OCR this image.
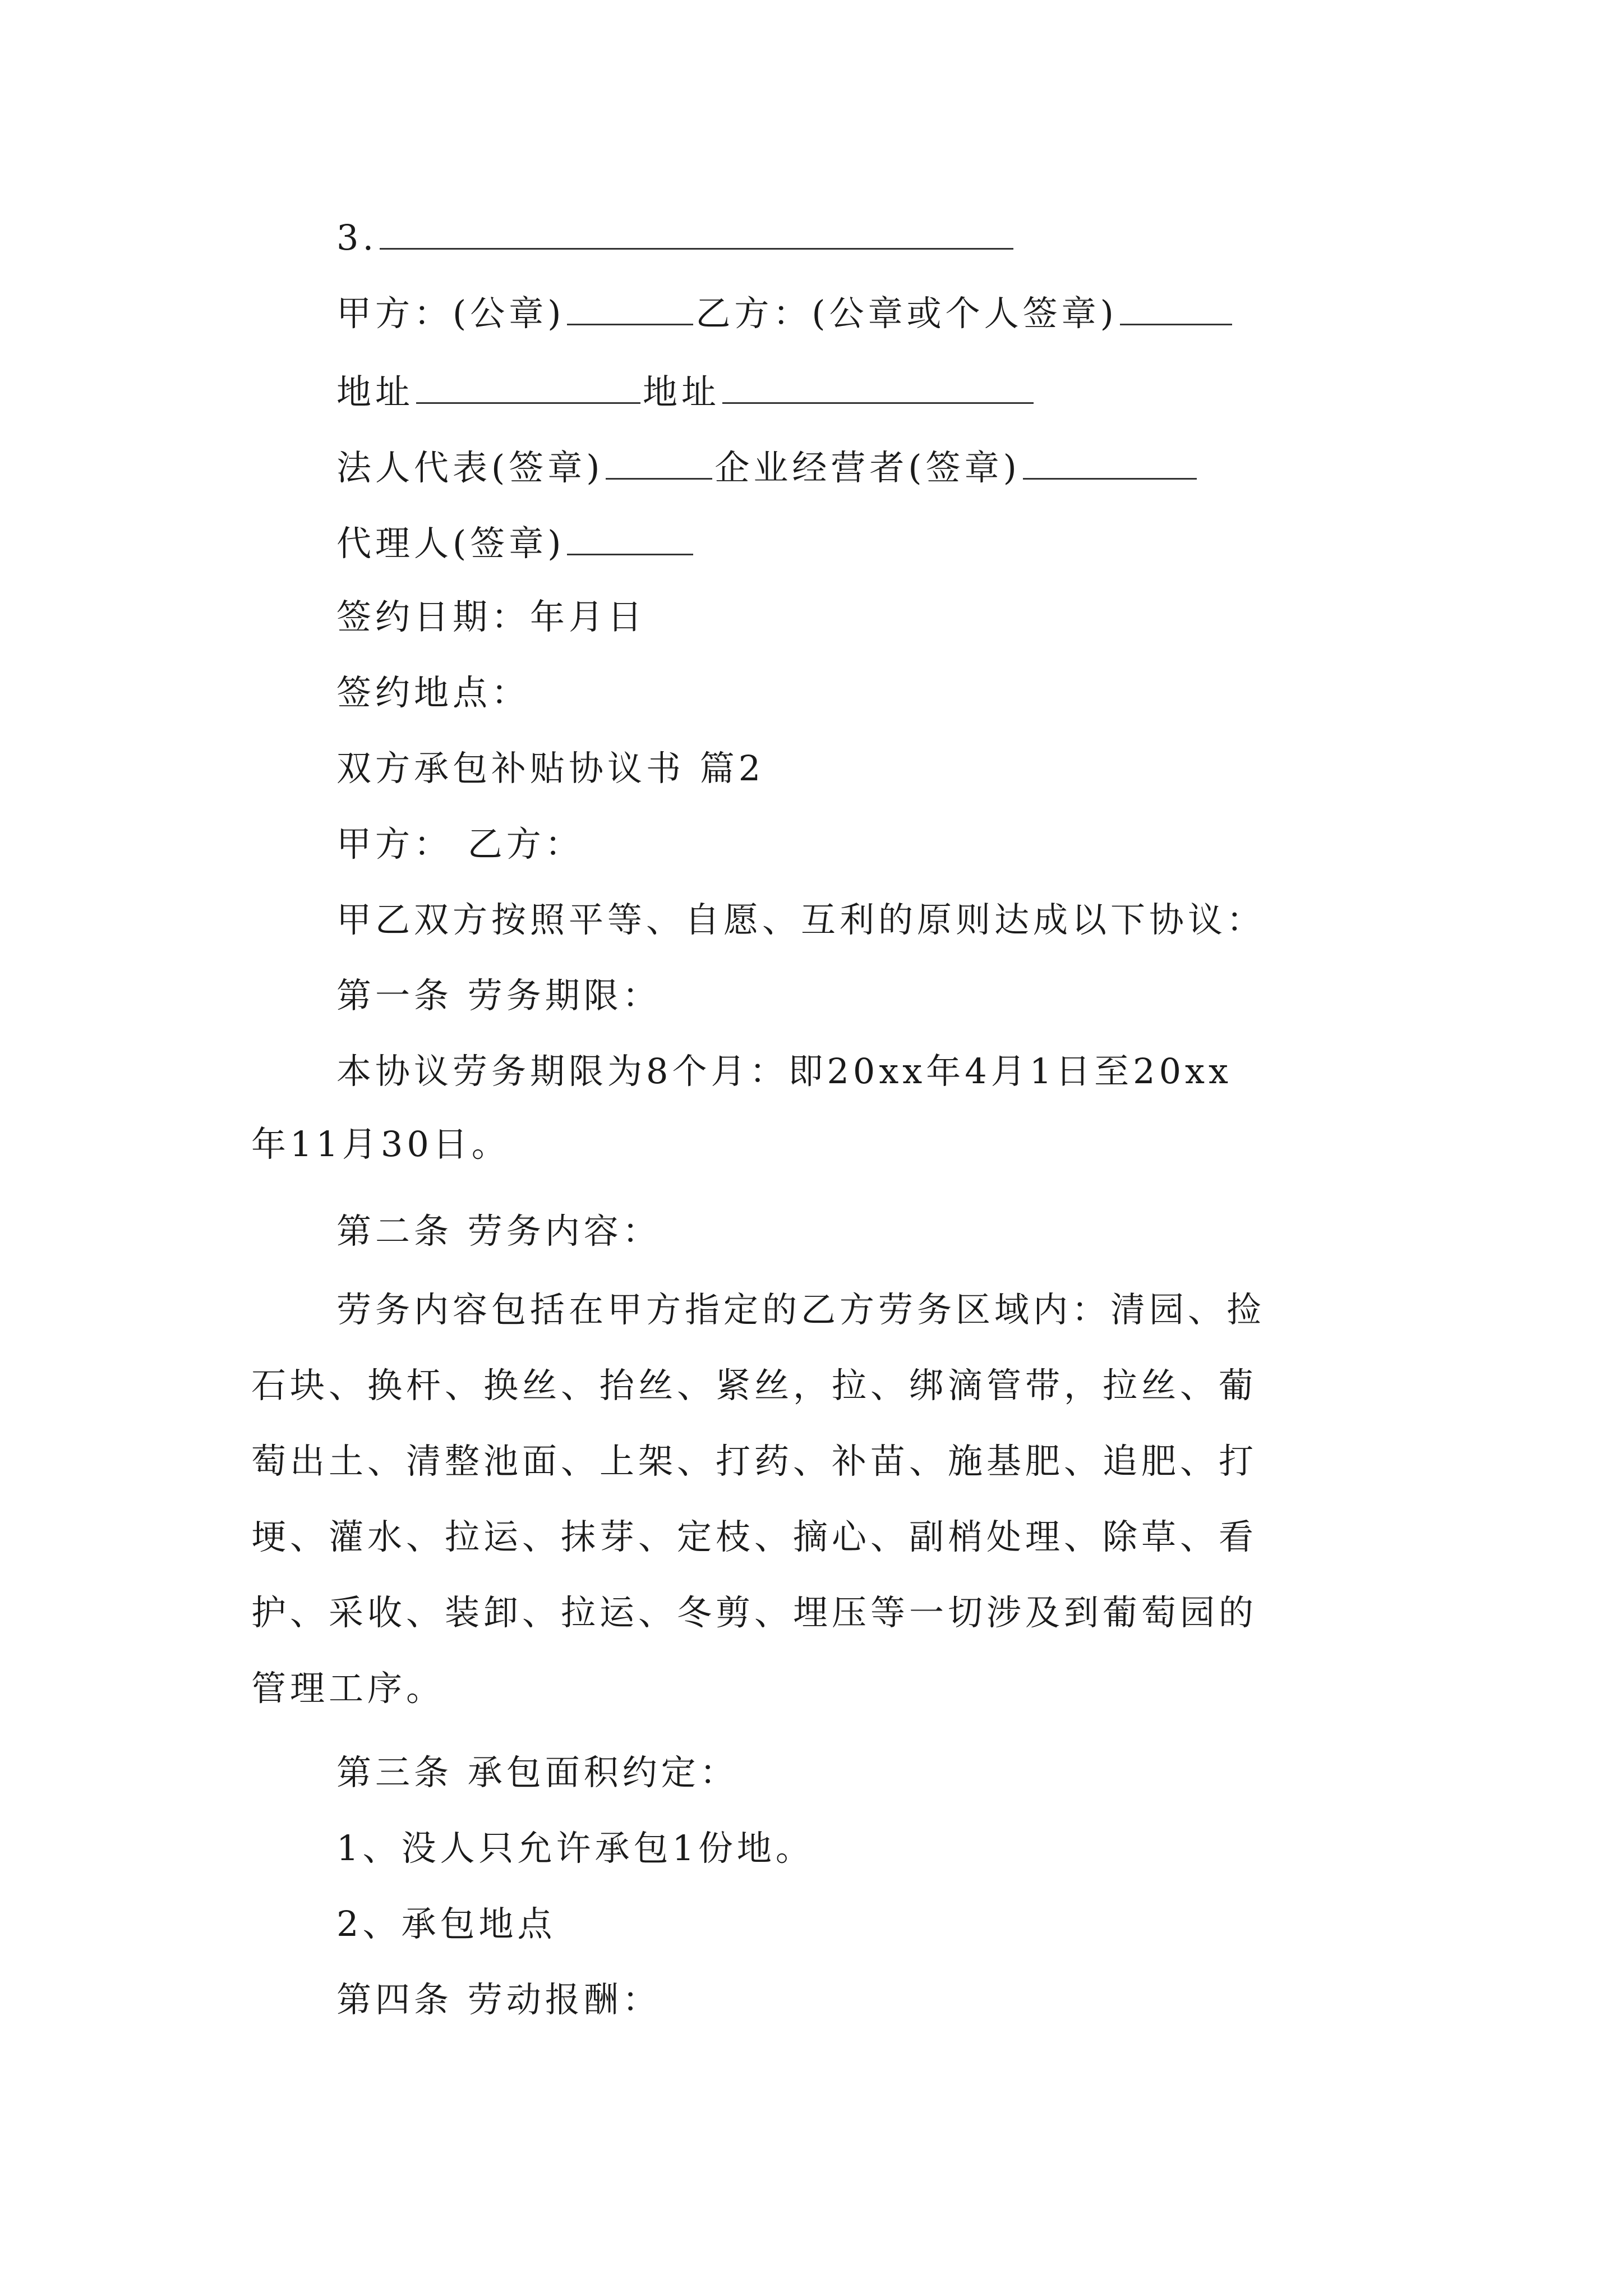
3.
甲方：(公章)	乙方：(公章或个人签章)
地址	地址
法人代表(签章)	企业经营者(签章)
代理人(签章)
签约日期：年月日
签约地点：
双方承包补贴协议书 篇2
甲方： 乙方：
甲乙双方按照平等、自愿、互利的原则达成以下协议：
第一条 劳务期限：
本协议劳务期限为8个月：即20xx年4月1日至20xx
年11月30日。
第二条 劳务内容：
劳务内容包括在甲方指定的乙方劳务区域内：清园、捡
石块、换杆、换丝、抬丝、紧丝，拉、绑滴管带，拉丝、葡
萄出土、清整池面、上架、打药、补苗、施基肥、追肥、打
埂、灌水、拉运、抹芽、定枝、摘心、副梢处理、除草、看
护、采收、装卸、拉运、冬剪、埋压等一切涉及到葡萄园的
管理工序。
第三条 承包面积约定：
1、没人只允许承包1份地。
2、承包地点
第四条 劳动报酬：
